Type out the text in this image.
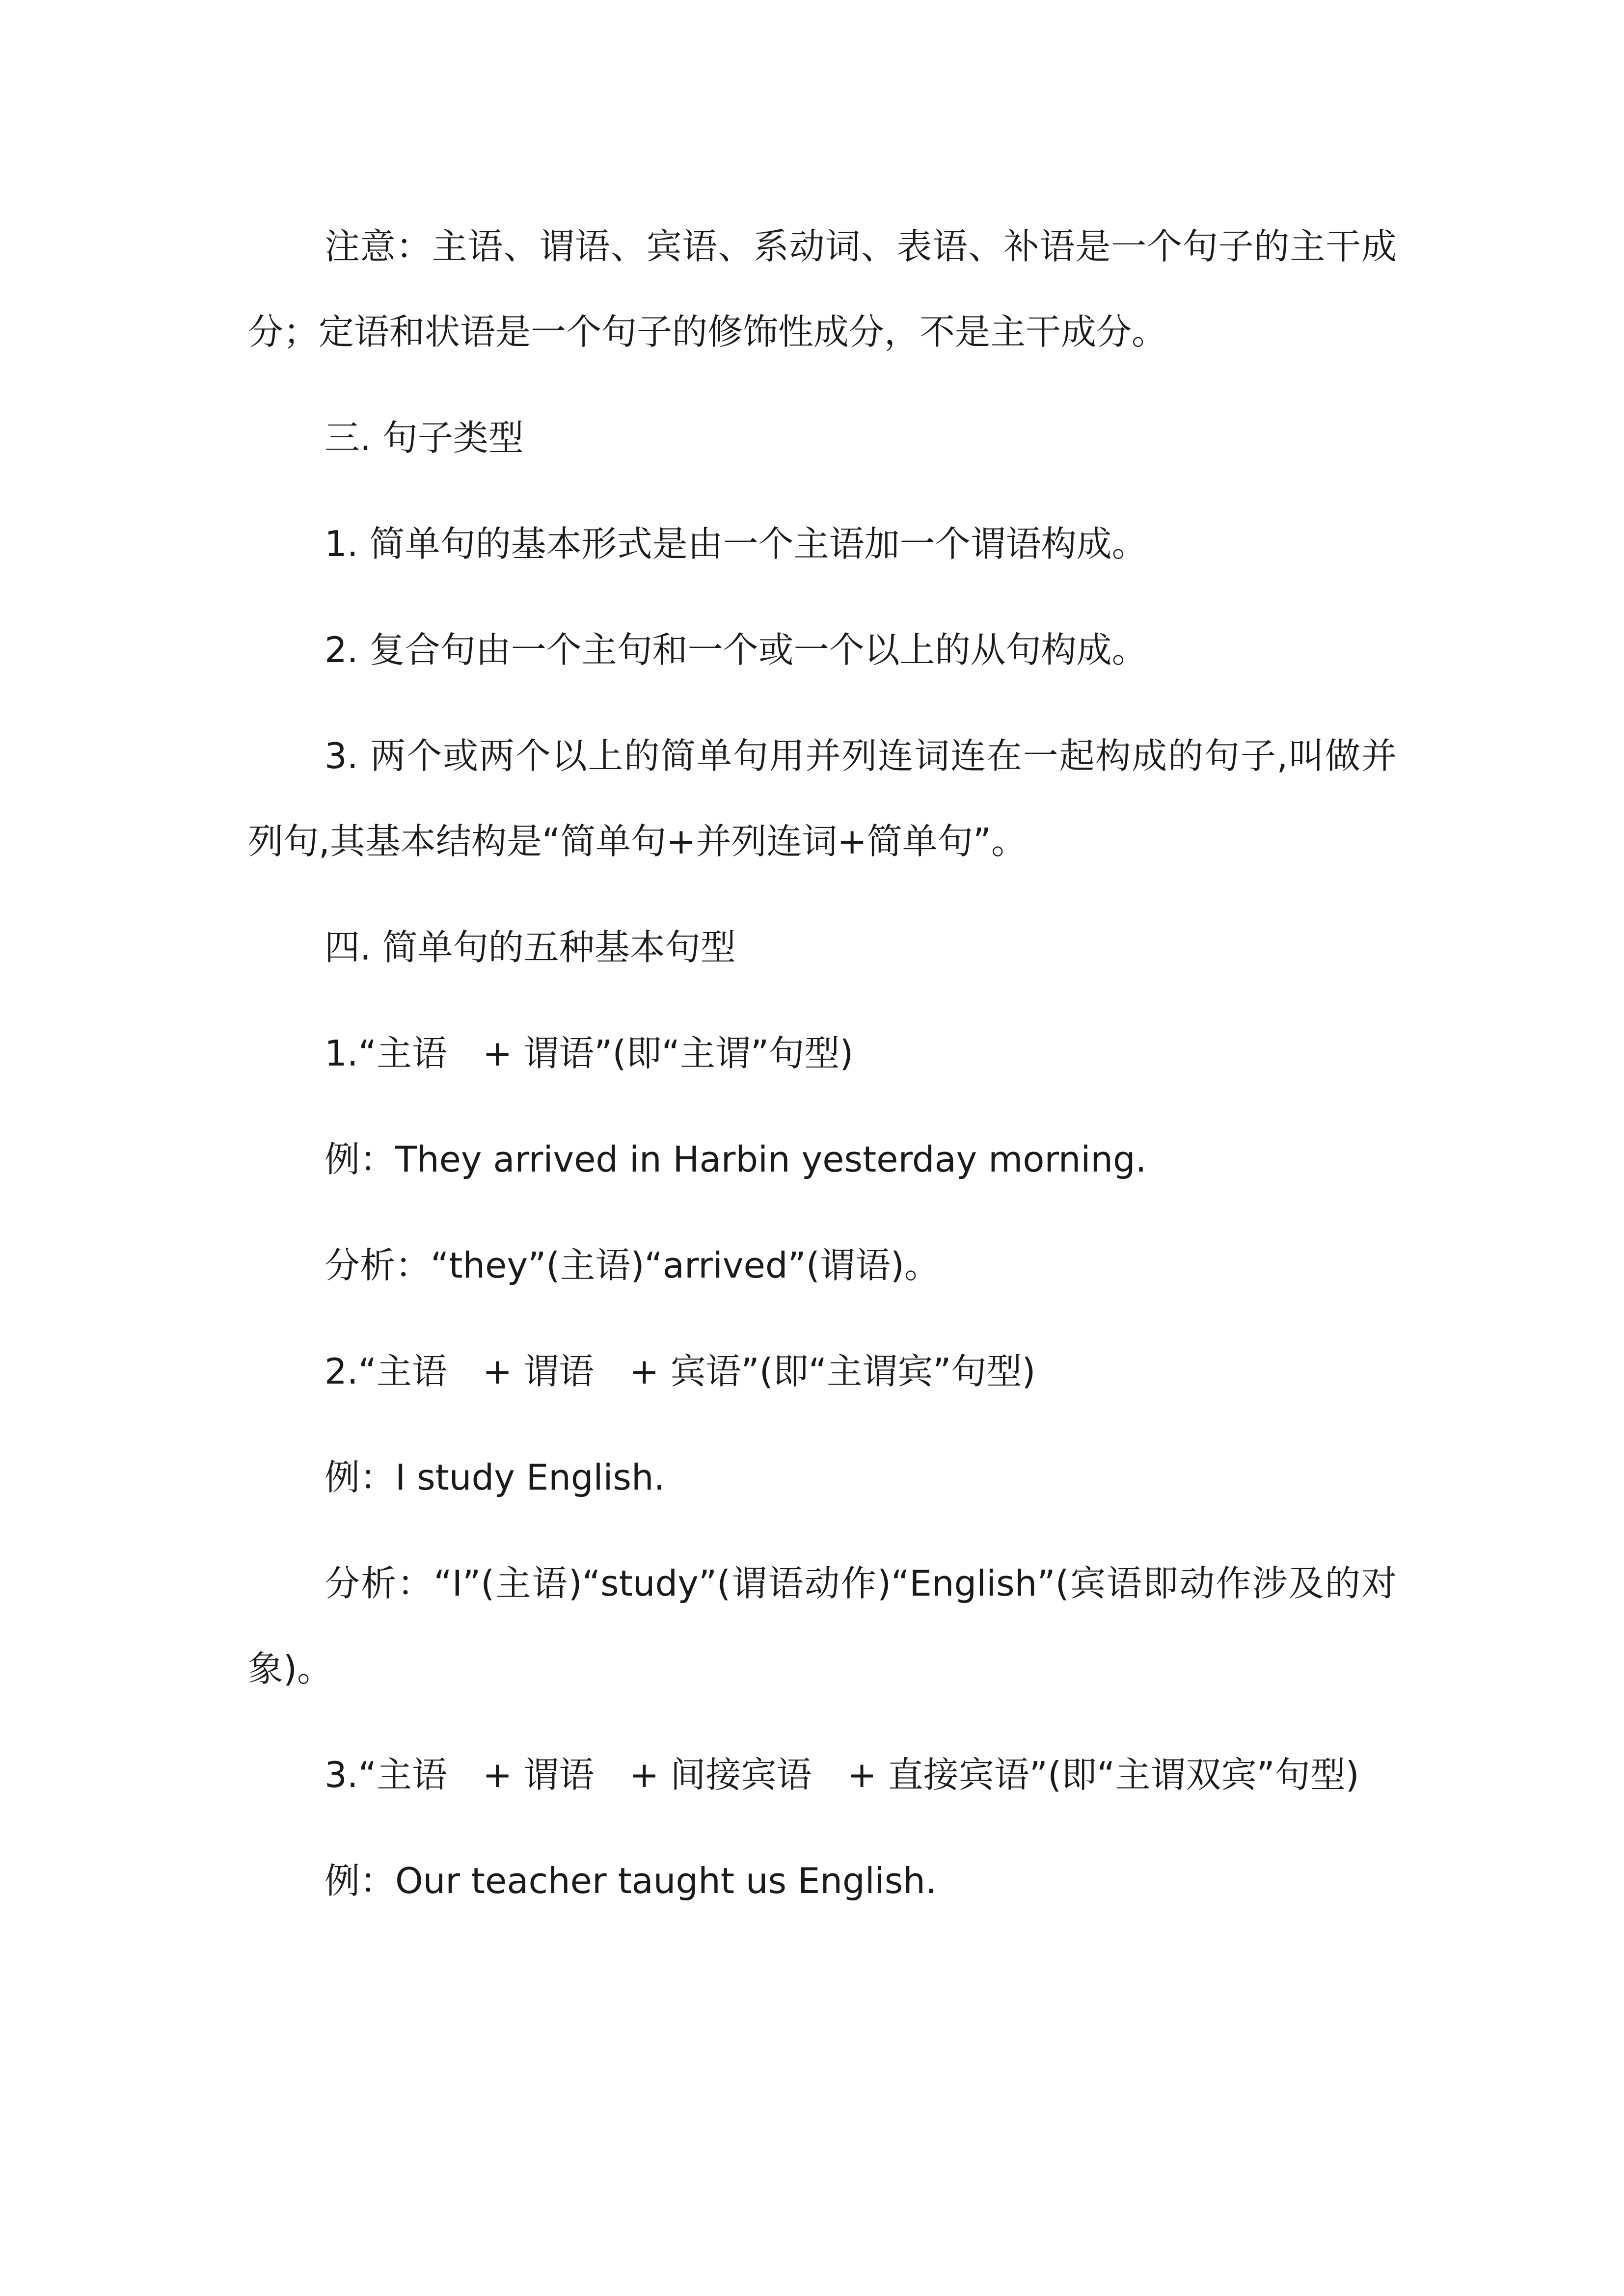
注意：主语、谓语、宾语、系动词、表语、补语是一个句子的主干成分；定语和状语是一个句子的修饰性成分，不是主干成分。

三. 句子类型

1. 简单句的基本形式是由一个主语加一个谓语构成。

2. 复合句由一个主句和一个或一个以上的从句构成。

3. 两个或两个以上的简单句用并列连词连在一起构成的句子,叫做并列句,其基本结构是“简单句+并列连词+简单句”。

四. 简单句的五种基本句型

1.“主语　+ 谓语”(即“主谓”句型)

例：They arrived in Harbin yesterday morning.

分析：“they”(主语)“arrived”(谓语)。

2.“主语　+ 谓语　+ 宾语”(即“主谓宾”句型)

例：I study English.

分析：“I”(主语)“study”(谓语动作)“English”(宾语即动作涉及的对象)。

3.“主语　+ 谓语　+ 间接宾语　+ 直接宾语”(即“主谓双宾”句型)

例：Our teacher taught us English.
